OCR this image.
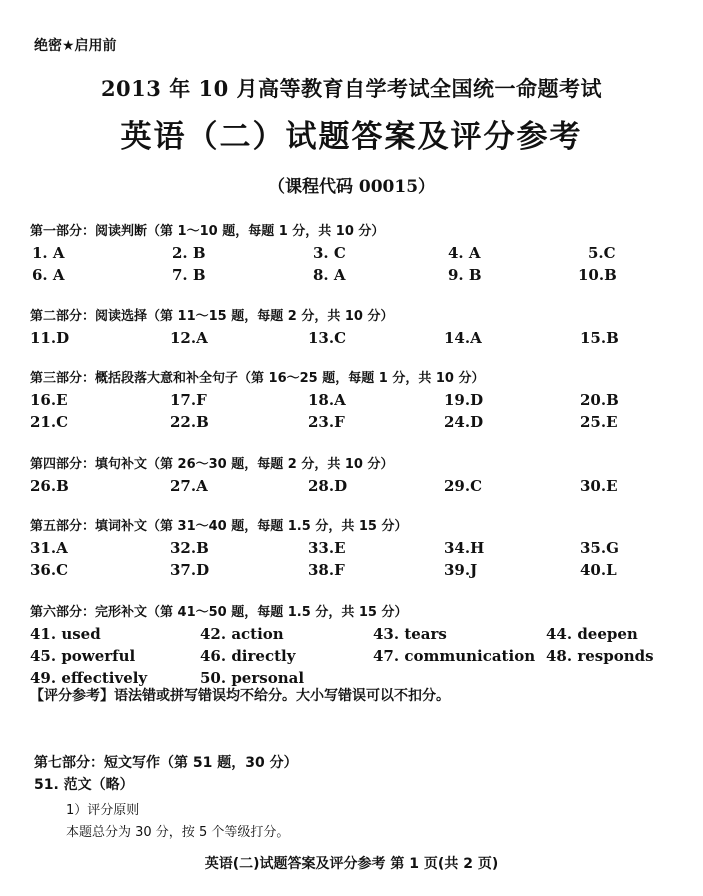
绝密★启用前
2013 年 10 月高等教育自学考试全国统一命题考试
英语（二）试题答案及评分参考
（课程代码 00015）
第一部分：阅读判断（第 1～10 题，每题 1 分，共 10 分）
1. A	2. B	3. C	4. A	5.C
6. A	7. B	8. A	9. B	10.B
第二部分：阅读选择（第 11～15 题，每题 2 分，共 10 分）
11.D	12.A	13.C	14.A	15.B
第三部分：概括段落大意和补全句子（第 16～25 题，每题 1 分，共 10 分）
16.E	17.F	18.A	19.D	20.B
21.C	22.B	23.F	24.D	25.E
第四部分：填句补文（第 26～30 题，每题 2 分，共 10 分）
26.B	27.A	28.D	29.C	30.E
第五部分：填词补文（第 31～40 题，每题 1.5 分，共 15 分）
31.A	32.B	33.E	34.H	35.G
36.C	37.D	38.F	39.J	40.L
第六部分：完形补文（第 41～50 题，每题 1.5 分，共 15 分）
41. used	42. action	43. tears	44. deepen
45. powerful	46. directly	47. communication 48. responds
49. effectively	50. personal
【评分参考】语法错或拼写错误均不给分。大小写错误可以不扣分。
第七部分：短文写作（第 51 题，30 分）
51. 范文（略）
1）评分原则
本题总分为 30 分，按 5 个等级打分。
英语(二)试题答案及评分参考 第 1 页(共 2 页)
